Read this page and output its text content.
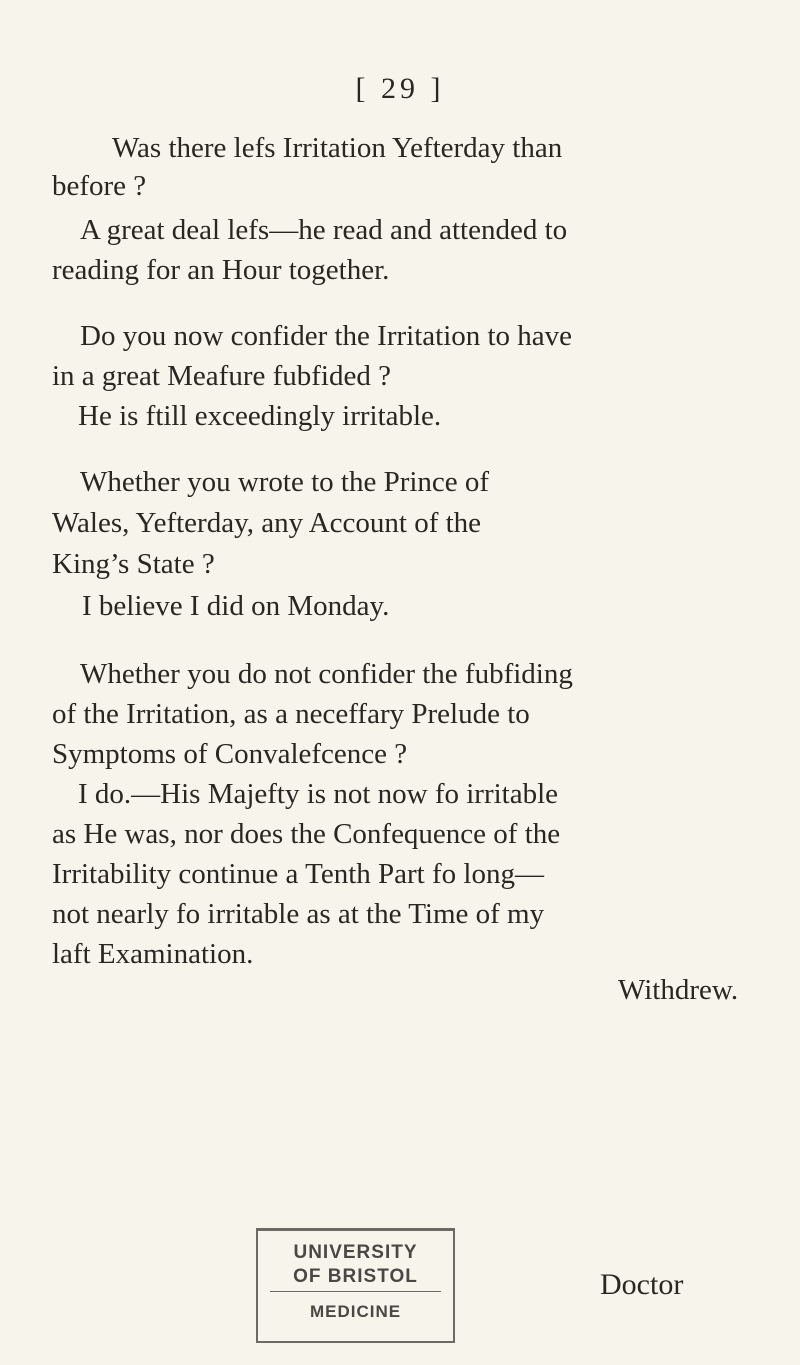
[ 29 ]
Was there lefs Irritation Yefterday than
before ?
A great deal lefs—he read and attended to
reading for an Hour together.
Do you now confider the Irritation to have
in a great Meafure fubfided ?
He is ftill exceedingly irritable.
Whether you wrote to the Prince of
Wales, Yefterday, any Account of the
King’s State ?
I believe I did on Monday.
Whether you do not confider the fubfiding
of the Irritation, as a neceffary Prelude to
Symptoms of Convalefcence ?
I do.—His Majefty is not now fo irritable
as He was, nor does the Confequence of the
Irritability continue a Tenth Part fo long—
not nearly fo irritable as at the Time of my
laft Examination.
Withdrew.
UNIVERSITY
OF BRISTOL
MEDICINE
Doctor
